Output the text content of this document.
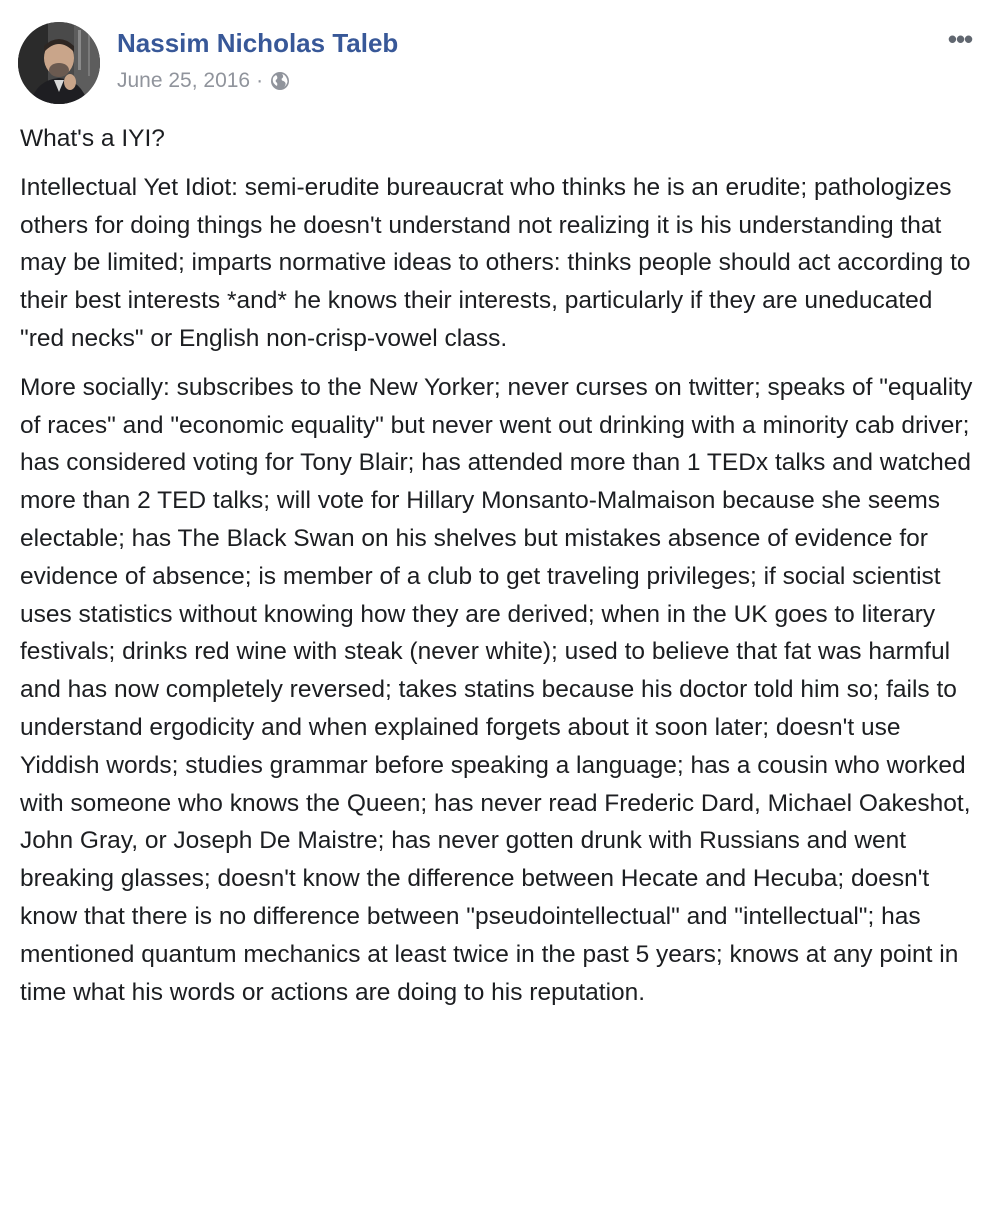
Nassim Nicholas Taleb
June 25, 2016 ·
•••

What's a IYI?

Intellectual Yet Idiot: semi-erudite bureaucrat who thinks he is an erudite; pathologizes others for doing things he doesn't understand not realizing it is his understanding that may be limited; imparts normative ideas to others: thinks people should act according to their best interests *and* he knows their interests, particularly if they are uneducated "red necks" or English non-crisp-vowel class.

More socially: subscribes to the New Yorker; never curses on twitter; speaks of "equality of races" and "economic equality" but never went out drinking with a minority cab driver; has considered voting for Tony Blair; has attended more than 1 TEDx talks and watched more than 2 TED talks; will vote for Hillary Monsanto-Malmaison because she seems electable; has The Black Swan on his shelves but mistakes absence of evidence for evidence of absence; is member of a club to get traveling privileges; if social scientist uses statistics without knowing how they are derived; when in the UK goes to literary festivals; drinks red wine with steak (never white); used to believe that fat was harmful and has now completely reversed; takes statins because his doctor told him so; fails to understand ergodicity and when explained forgets about it soon later; doesn't use Yiddish words; studies grammar before speaking a language; has a cousin who worked with someone who knows the Queen; has never read Frederic Dard, Michael Oakeshot, John Gray, or Joseph De Maistre; has never gotten drunk with Russians and went breaking glasses; doesn't know the difference between Hecate and Hecuba; doesn't know that there is no difference between "pseudointellectual" and "intellectual"; has mentioned quantum mechanics at least twice in the past 5 years; knows at any point in time what his words or actions are doing to his reputation.
